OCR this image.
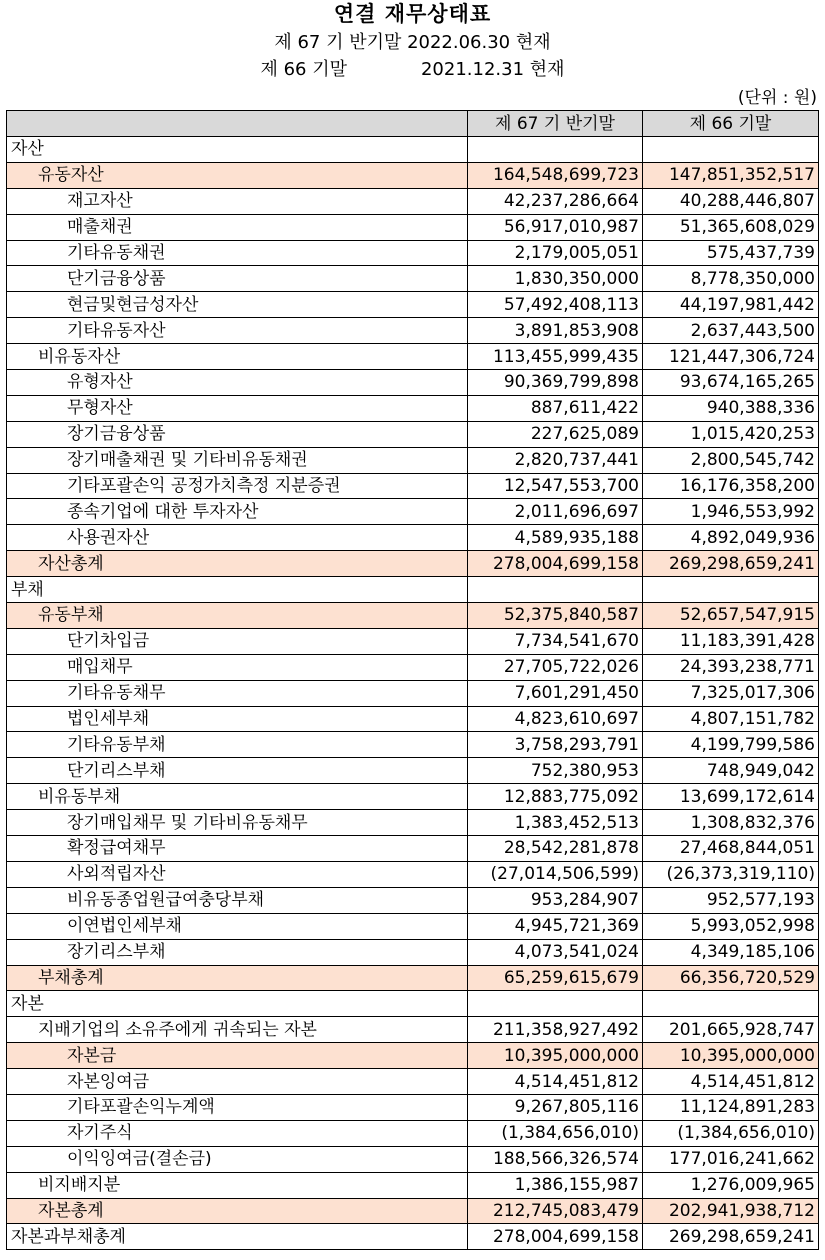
연결 재무상태표
제 67 기 반기말 2022.06.30 현재
제 66 기말	2021.12.31 현재
(단위 : 원)
	제 67 기 반기말	제 66 기말
자산		
유동자산	164,548,699,723	147,851,352,517
재고자산	42,237,286,664	40,288,446,807
매출채권	56,917,010,987	51,365,608,029
기타유동채권	2,179,005,051	575,437,739
단기금융상품	1,830,350,000	8,778,350,000
현금및현금성자산	57,492,408,113	44,197,981,442
기타유동자산	3,891,853,908	2,637,443,500
비유동자산	113,455,999,435	121,447,306,724
유형자산	90,369,799,898	93,674,165,265
무형자산	887,611,422	940,388,336
장기금융상품	227,625,089	1,015,420,253
장기매출채권 및 기타비유동채권	2,820,737,441	2,800,545,742
기타포괄손익 공정가치측정 지분증권	12,547,553,700	16,176,358,200
종속기업에 대한 투자자산	2,011,696,697	1,946,553,992
사용권자산	4,589,935,188	4,892,049,936
자산총계	278,004,699,158	269,298,659,241
부채		
유동부채	52,375,840,587	52,657,547,915
단기차입금	7,734,541,670	11,183,391,428
매입채무	27,705,722,026	24,393,238,771
기타유동채무	7,601,291,450	7,325,017,306
법인세부채	4,823,610,697	4,807,151,782
기타유동부채	3,758,293,791	4,199,799,586
단기리스부채	752,380,953	748,949,042
비유동부채	12,883,775,092	13,699,172,614
장기매입채무 및 기타비유동채무	1,383,452,513	1,308,832,376
확정급여채무	28,542,281,878	27,468,844,051
사외적립자산	(27,014,506,599)	(26,373,319,110)
비유동종업원급여충당부채	953,284,907	952,577,193
이연법인세부채	4,945,721,369	5,993,052,998
장기리스부채	4,073,541,024	4,349,185,106
부채총계	65,259,615,679	66,356,720,529
자본		
지배기업의 소유주에게 귀속되는 자본	211,358,927,492	201,665,928,747
자본금	10,395,000,000	10,395,000,000
자본잉여금	4,514,451,812	4,514,451,812
기타포괄손익누계액	9,267,805,116	11,124,891,283
자기주식	(1,384,656,010)	(1,384,656,010)
이익잉여금(결손금)	188,566,326,574	177,016,241,662
비지배지분	1,386,155,987	1,276,009,965
자본총계	212,745,083,479	202,941,938,712
자본과부채총계	278,004,699,158	269,298,659,241
